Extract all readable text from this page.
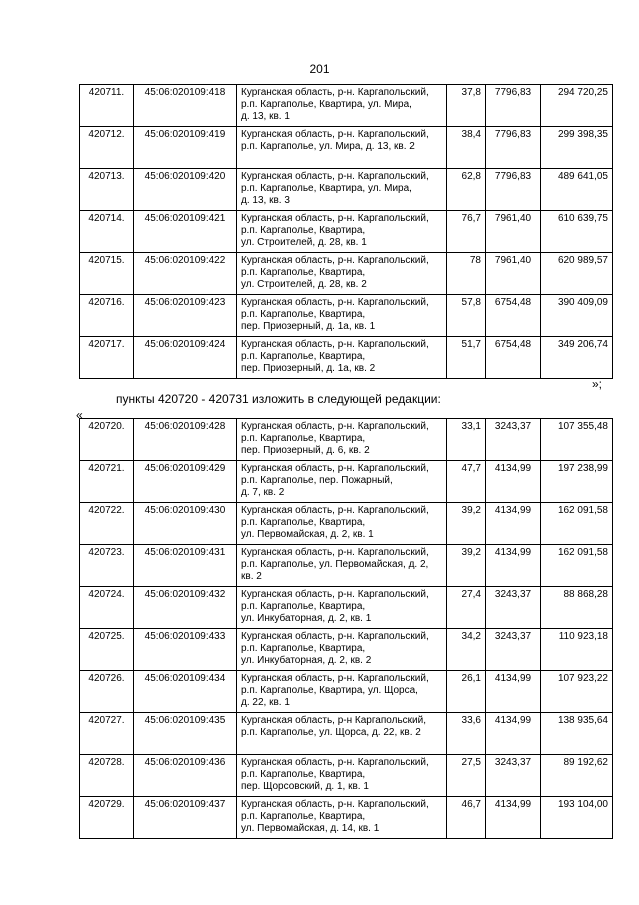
201
420711.	45:06:020109:418	Курганская область, р-н. Каргапольский,
р.п. Каргаполье, Квартира, ул. Мира,
д. 13, кв. 1	37,8	7796,83	294 720,25
420712.	45:06:020109:419	Курганская область, р-н. Каргапольский,
р.п. Каргаполье, ул. Мира, д. 13, кв. 2	38,4	7796,83	299 398,35
420713.	45:06:020109:420	Курганская область, р-н. Каргапольский,
р.п. Каргаполье, Квартира, ул. Мира,
д. 13, кв. 3	62,8	7796,83	489 641,05
420714.	45:06:020109:421	Курганская область, р-н. Каргапольский,
р.п. Каргаполье, Квартира,
ул. Строителей, д. 28, кв. 1	76,7	7961,40	610 639,75
420715.	45:06:020109:422	Курганская область, р-н. Каргапольский,
р.п. Каргаполье, Квартира,
ул. Строителей, д. 28, кв. 2	78	7961,40	620 989,57
420716.	45:06:020109:423	Курганская область, р-н. Каргапольский,
р.п. Каргаполье, Квартира,
пер. Приозерный, д. 1а, кв. 1	57,8	6754,48	390 409,09
420717.	45:06:020109:424	Курганская область, р-н. Каргапольский,
р.п. Каргаполье, Квартира,
пер. Приозерный, д. 1а, кв. 2	51,7	6754,48	349 206,74
»;
пункты 420720 - 420731 изложить в следующей редакции:
«
420720.	45:06:020109:428	Курганская область, р-н. Каргапольский,
р.п. Каргаполье, Квартира,
пер. Приозерный, д. 6, кв. 2	33,1	3243,37	107 355,48
420721.	45:06:020109:429	Курганская область, р-н. Каргапольский,
р.п. Каргаполье, пер. Пожарный,
д. 7, кв. 2	47,7	4134,99	197 238,99
420722.	45:06:020109:430	Курганская область, р-н. Каргапольский,
р.п. Каргаполье, Квартира,
ул. Первомайская, д. 2, кв. 1	39,2	4134,99	162 091,58
420723.	45:06:020109:431	Курганская область, р-н. Каргапольский,
р.п. Каргаполье, ул. Первомайская, д. 2,
кв. 2	39,2	4134,99	162 091,58
420724.	45:06:020109:432	Курганская область, р-н. Каргапольский,
р.п. Каргаполье, Квартира,
ул. Инкубаторная, д. 2, кв. 1	27,4	3243,37	88 868,28
420725.	45:06:020109:433	Курганская область, р-н. Каргапольский,
р.п. Каргаполье, Квартира,
ул. Инкубаторная, д. 2, кв. 2	34,2	3243,37	110 923,18
420726.	45:06:020109:434	Курганская область, р-н. Каргапольский,
р.п. Каргаполье, Квартира, ул. Щорса,
д. 22, кв. 1	26,1	4134,99	107 923,22
420727.	45:06:020109:435	Курганская область, р-н Каргапольский,
р.п. Каргаполье, ул. Щорса, д. 22, кв. 2	33,6	4134,99	138 935,64
420728.	45:06:020109:436	Курганская область, р-н. Каргапольский,
р.п. Каргаполье, Квартира,
пер. Щорсовский, д. 1, кв. 1	27,5	3243,37	89 192,62
420729.	45:06:020109:437	Курганская область, р-н. Каргапольский,
р.п. Каргаполье, Квартира,
ул. Первомайская, д. 14, кв. 1	46,7	4134,99	193 104,00
